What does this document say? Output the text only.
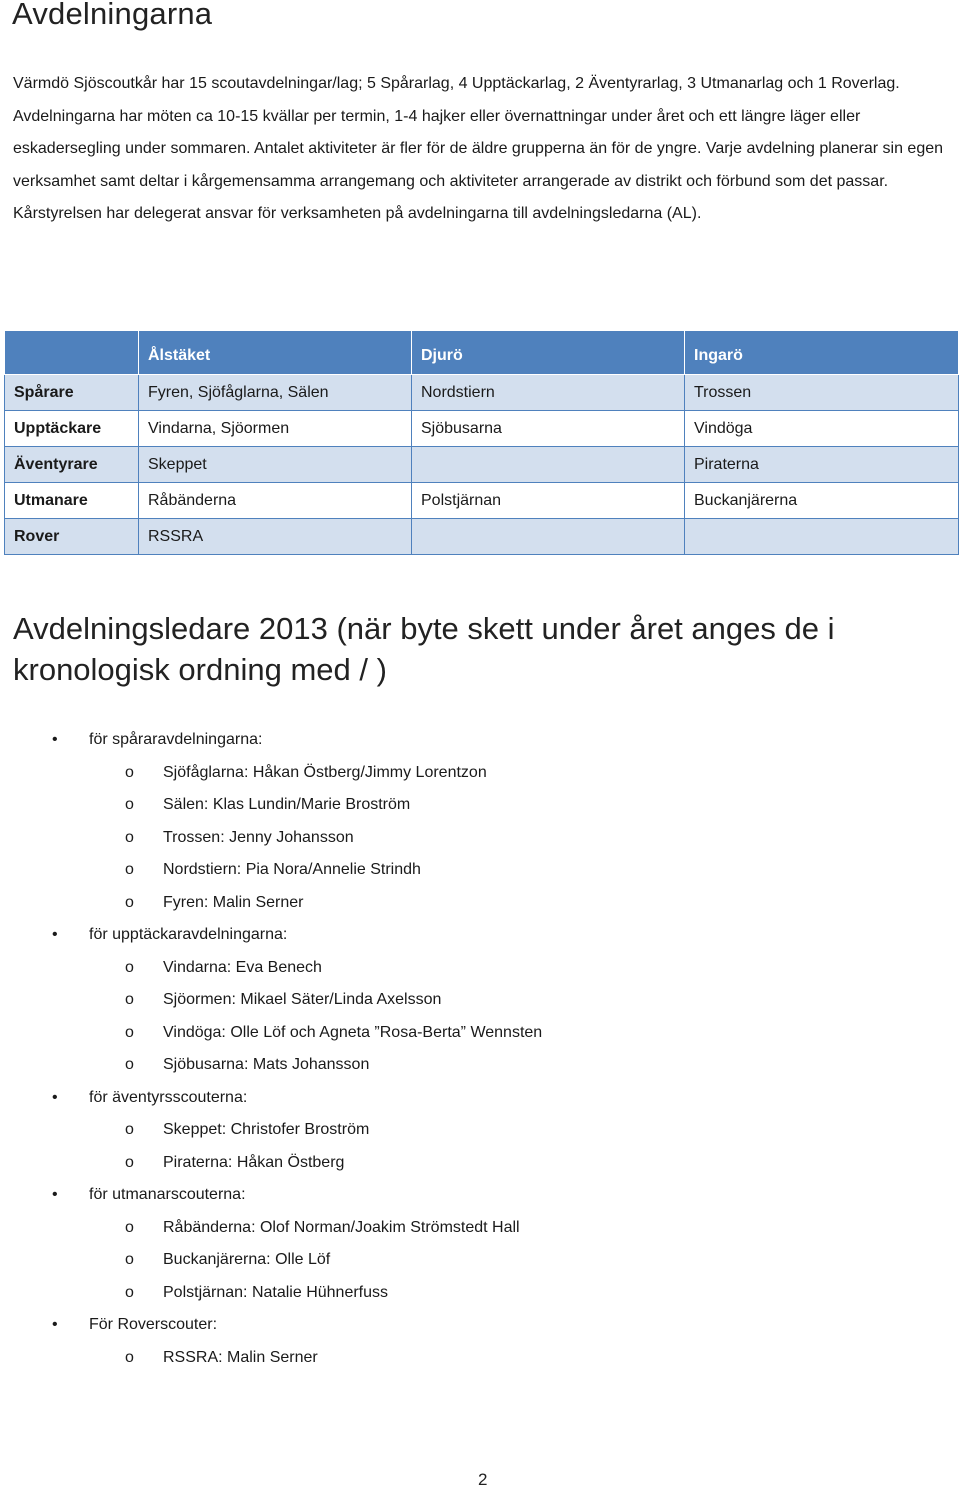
Avdelningarna

Värmdö Sjöscoutkår har 15 scoutavdelningar/lag; 5 Spårarlag, 4 Upptäckarlag, 2 Äventyrarlag, 3 Utmanarlag och 1 Roverlag.

Avdelningarna har möten ca 10-15 kvällar per termin, 1-4 hajker eller övernattningar under året och ett längre läger eller eskadersegling under sommaren. Antalet aktiviteter är fler för de äldre grupperna än för de yngre. Varje avdelning planerar sin egen verksamhet samt deltar i kårgemensamma arrangemang och aktiviteter arrangerade av distrikt och förbund som det passar. Kårstyrelsen har delegerat ansvar för verksamheten på avdelningarna till avdelningsledarna (AL).

	Ålstäket	Djurö	Ingarö
Spårare	Fyren, Sjöfåglarna, Sälen	Nordstiern	Trossen
Upptäckare	Vindarna, Sjöormen	Sjöbusarna	Vindöga
Äventyrare	Skeppet		Piraterna
Utmanare	Råbänderna	Polstjärnan	Buckanjärerna
Rover	RSSRA		
Avdelningsledare 2013 (när byte skett under året anges de i kronologisk ordning med / )
• för spåraravdelningarna:
o Sjöfåglarna: Håkan Östberg/Jimmy Lorentzon
o Sälen: Klas Lundin/Marie Broström
o Trossen: Jenny Johansson
o Nordstiern: Pia Nora/Annelie Strindh
o Fyren: Malin Serner
• för upptäckaravdelningarna:
o Vindarna: Eva Benech
o Sjöormen: Mikael Säter/Linda Axelsson
o Vindöga: Olle Löf och Agneta ”Rosa-Berta” Wennsten
o Sjöbusarna: Mats Johansson
• för äventyrsscouterna:
o Skeppet: Christofer Broström
o Piraterna: Håkan Östberg
• för utmanarscouterna:
o Råbänderna: Olof Norman/Joakim Strömstedt Hall
o Buckanjärerna: Olle Löf
o Polstjärnan: Natalie Hühnerfuss
• För Roverscouter:
o RSSRA: Malin Serner
2
